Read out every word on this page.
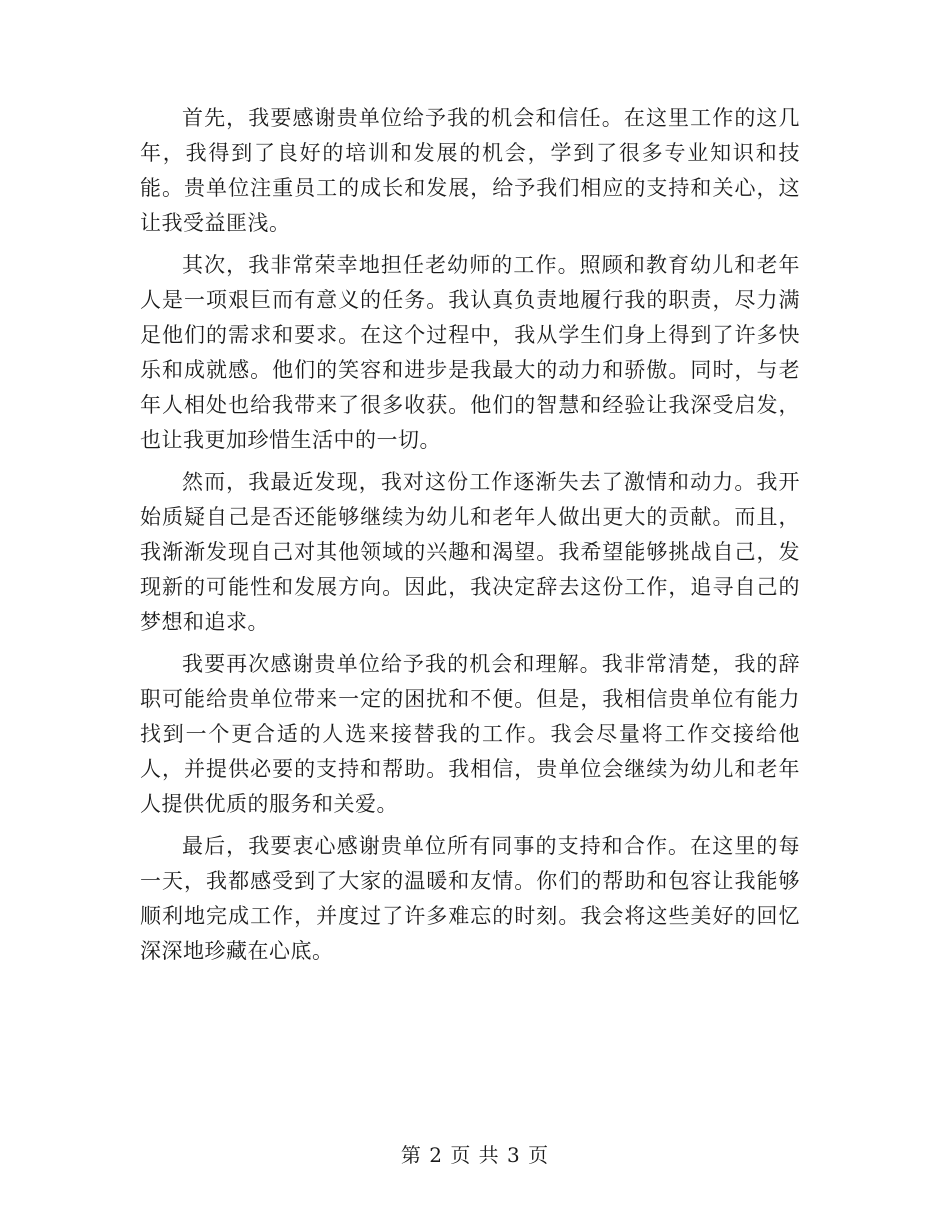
首先，我要感谢贵单位给予我的机会和信任。在这里工作的这几年，我得到了良好的培训和发展的机会，学到了很多专业知识和技能。贵单位注重员工的成长和发展，给予我们相应的支持和关心，这让我受益匪浅。

其次，我非常荣幸地担任老幼师的工作。照顾和教育幼儿和老年人是一项艰巨而有意义的任务。我认真负责地履行我的职责，尽力满足他们的需求和要求。在这个过程中，我从学生们身上得到了许多快乐和成就感。他们的笑容和进步是我最大的动力和骄傲。同时，与老年人相处也给我带来了很多收获。他们的智慧和经验让我深受启发，也让我更加珍惜生活中的一切。

然而，我最近发现，我对这份工作逐渐失去了激情和动力。我开始质疑自己是否还能够继续为幼儿和老年人做出更大的贡献。而且，我渐渐发现自己对其他领域的兴趣和渴望。我希望能够挑战自己，发现新的可能性和发展方向。因此，我决定辞去这份工作，追寻自己的梦想和追求。

我要再次感谢贵单位给予我的机会和理解。我非常清楚，我的辞职可能给贵单位带来一定的困扰和不便。但是，我相信贵单位有能力找到一个更合适的人选来接替我的工作。我会尽量将工作交接给他人，并提供必要的支持和帮助。我相信，贵单位会继续为幼儿和老年人提供优质的服务和关爱。

最后，我要衷心感谢贵单位所有同事的支持和合作。在这里的每一天，我都感受到了大家的温暖和友情。你们的帮助和包容让我能够顺利地完成工作，并度过了许多难忘的时刻。我会将这些美好的回忆深深地珍藏在心底。

第 2 页 共 3 页
